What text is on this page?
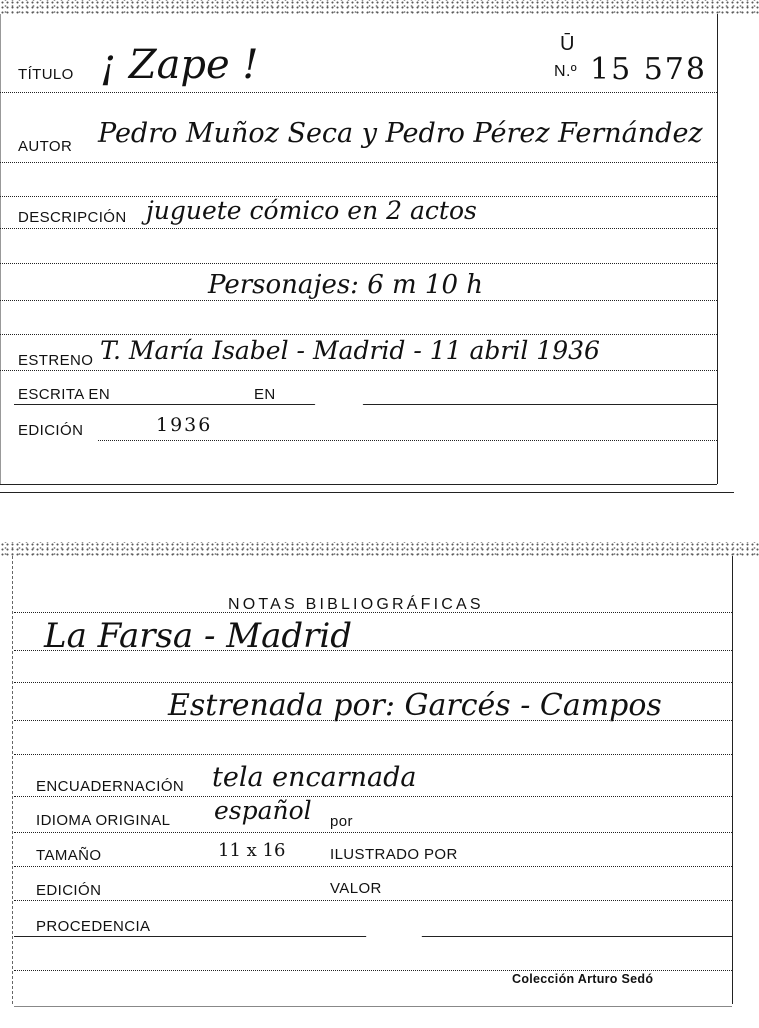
TÍTULO ¡ Zape !	Ū
N.º 15 578
AUTOR Pedro Muñoz Seca y Pedro Pérez Fernández
DESCRIPCIÓN juguete cómico en 2 actos
Personajes: 6 m 10 h
ESTRENO T. María Isabel - Madrid - 11 abril 1936
ESCRITA EN	EN
EDICIÓN	1936
NOTAS BIBLIOGRÁFICAS
La Farsa - Madrid
Estrenada por: Garcés - Campos
ENCUADERNACIÓN tela encarnada
IDIOMA ORIGINAL español por
TAMAÑO	11 x 16	ILUSTRADO POR
EDICIÓN	VALOR
PROCEDENCIA
Colección Arturo Sedó
